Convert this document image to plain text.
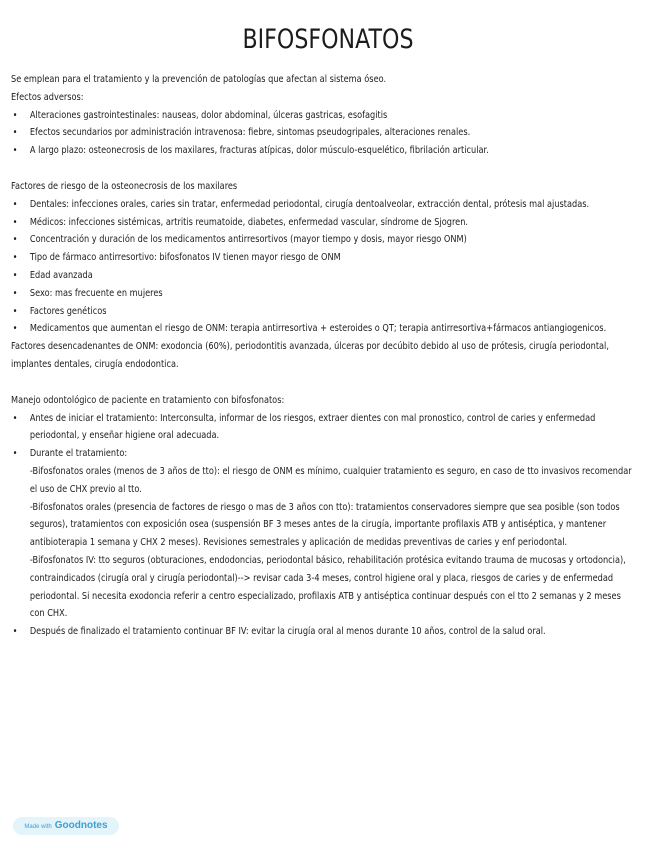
BIFOSFONATOS
Se emplean para el tratamiento y la prevención de patologías que afectan al sistema óseo.
Efectos adversos:
• Alteraciones gastrointestinales: nauseas, dolor abdominal, úlceras gastricas, esofagitis
• Efectos secundarios por administración intravenosa: fiebre, sintomas pseudogripales, alteraciones renales.
• A largo plazo: osteonecrosis de los maxilares, fracturas atípicas, dolor músculo-esquelético, fibrilación articular.
Factores de riesgo de la osteonecrosis de los maxilares
• Dentales: infecciones orales, caries sin tratar, enfermedad periodontal, cirugía dentoalveolar, extracción dental, prótesis mal ajustadas.
• Médicos: infecciones sistémicas, artritis reumatoide, diabetes, enfermedad vascular, síndrome de Sjogren.
• Concentración y duración de los medicamentos antirresortivos (mayor tiempo y dosis, mayor riesgo ONM)
• Tipo de fármaco antirresortivo: bifosfonatos IV tienen mayor riesgo de ONM
• Edad avanzada
• Sexo: mas frecuente en mujeres
• Factores genéticos
• Medicamentos que aumentan el riesgo de ONM: terapia antirresortiva + esteroides o QT; terapia antirresortiva+fármacos antiangiogenicos.
Factores desencadenantes de ONM: exodoncia (60%), periodontitis avanzada, úlceras por decúbito debido al uso de prótesis, cirugía periodontal,
implantes dentales, cirugía endodontica.
Manejo odontológico de paciente en tratamiento con bifosfonatos:
• Antes de iniciar el tratamiento: Interconsulta, informar de los riesgos, extraer dientes con mal pronostico, control de caries y enfermedad
periodontal, y enseñar higiene oral adecuada.
• Durante el tratamiento:

-Bifosfonatos orales (menos de 3 años de tto): el riesgo de ONM es mínimo, cualquier tratamiento es seguro, en caso de tto invasivos recomendar el uso de CHX previo al tto.

-Bifosfonatos orales (presencia de factores de riesgo o mas de 3 años con tto): tratamientos conservadores siempre que sea posible (son todos seguros), tratamientos con exposición osea (suspensión BF 3 meses antes de la cirugía, importante profilaxis ATB y antiséptica, y mantener antibioterapia 1 semana y CHX 2 meses). Revisiones semestrales y aplicación de medidas preventivas de caries y enf periodontal.

-Bifosfonatos IV: tto seguros (obturaciones, endodoncias, periodontal básico, rehabilitación protésica evitando trauma de mucosas y ortodoncia), contraindicados (cirugía oral y cirugía periodontal)--> revisar cada 3-4 meses, control higiene oral y placa, riesgos de caries y de enfermedad periodontal. Si necesita exodoncia referir a centro especializado, profilaxis ATB y antiséptica continuar después con el tto 2 semanas y 2 meses con CHX.

• Después de finalizado el tratamiento continuar BF IV: evitar la cirugía oral al menos durante 10 años, control de la salud oral.
Made with Goodnotes
